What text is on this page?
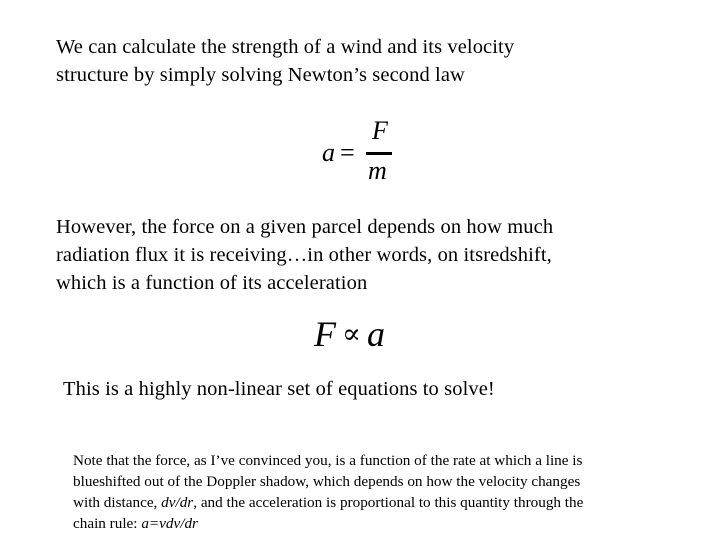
We can calculate the strength of a wind and its velocity
structure by simply solving Newton’s second law
a =
F
m
However, the force on a given parcel depends on how much
radiation flux it is receiving…in other words, on itsredshift,
which is a function of its acceleration
F ∝ a
This is a highly non-linear set of equations to solve!
Note that the force, as I’ve convinced you, is a function of the rate at which a line is
blueshifted out of the Doppler shadow, which depends on how the velocity changes
with distance, dv/dr, and the acceleration is proportional to this quantity through the
chain rule: a=vdv/dr
